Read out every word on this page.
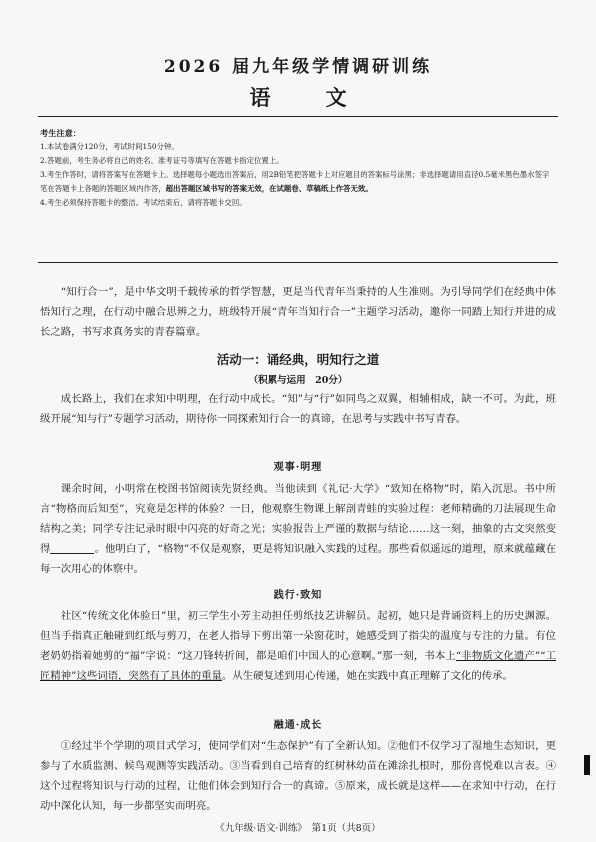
2026 届九年级学情调研训练
语 文

考生注意：

1.本试卷满分120分，考试时间150分钟。

2.答题前，考生务必将自己的姓名、准考证号等填写在答题卡指定位置上。

3.考生作答时，请将答案写在答题卡上。选择题每小题选出答案后，用2B铅笔把答题卡上对应题目的答案标号涂黑；非选择题请用直径0.5毫米黑色墨水签字笔在答题卡上各题的答题区域内作答，超出答题区域书写的答案无效，在试题卷、草稿纸上作答无效。

4.考生必须保持答题卡的整洁。考试结束后，请将答题卡交回。

“知行合一”，是中华文明千载传承的哲学智慧，更是当代青年当秉持的人生准则。为引导同学们在经典中体悟知行之理，在行动中融合思辨之力，班级特开展“青年当知行合一”主题学习活动，邀你一同踏上知行并进的成长之路，书写求真务实的青春篇章。

活动一：诵经典，明知行之道
（积累与运用　20分）

成长路上，我们在求知中明理，在行动中成长。“知”与“行”如同鸟之双翼，相辅相成，缺一不可。为此，班级开展“知与行”专题学习活动，期待你一同探索知行合一的真谛，在思考与实践中书写青春。

观事·明理

课余时间，小明常在校图书馆阅读先贤经典。当他读到《礼记·大学》“致知在格物”时，陷入沉思。书中所言“物格而后知至”，究竟是怎样的体验？一日，他观察生物课上解剖青蛙的实验过程：老师精确的刀法展现生命结构之美；同学专注记录时眼中闪亮的好奇之光；实验报告上严谨的数据与结论……这一刻，抽象的古文突然变得	。他明白了，“格物”不仅是观察，更是将知识融入实践的过程。那些看似遥远的道理，原来就蕴藏在每一次用心的体察中。

践行·致知

社区“传统文化体验日”里，初三学生小芳主动担任剪纸技艺讲解员。起初，她只是背诵资料上的历史渊源。但当手指真正触碰到红纸与剪刀，在老人指导下剪出第一朵窗花时，她感受到了指尖的温度与专注的力量。有位老奶奶指着她剪的“福”字说：“这刀锋转折间，都是咱们中国人的心意啊。”那一刻，书本上“非物质文化遗产”“工匠精神”这些词语，突然有了具体的重量。从生硬复述到用心传递，她在实践中真正理解了文化的传承。

融通·成长

①经过半个学期的项目式学习，使同学们对“生态保护”有了全新认知。②他们不仅学习了湿地生态知识，更参与了水质监测、候鸟观测等实践活动。③当看到自己培育的红树林幼苗在滩涂扎根时，那份喜悦难以言表。④这个过程将知识与行动的过程，让他们体会到知行合一的真谛。⑤原来，成长就是这样——在求知中行动，在行动中深化认知，每一步都坚实而明亮。

《九年级·语文·训练》　第1页（共8页）
